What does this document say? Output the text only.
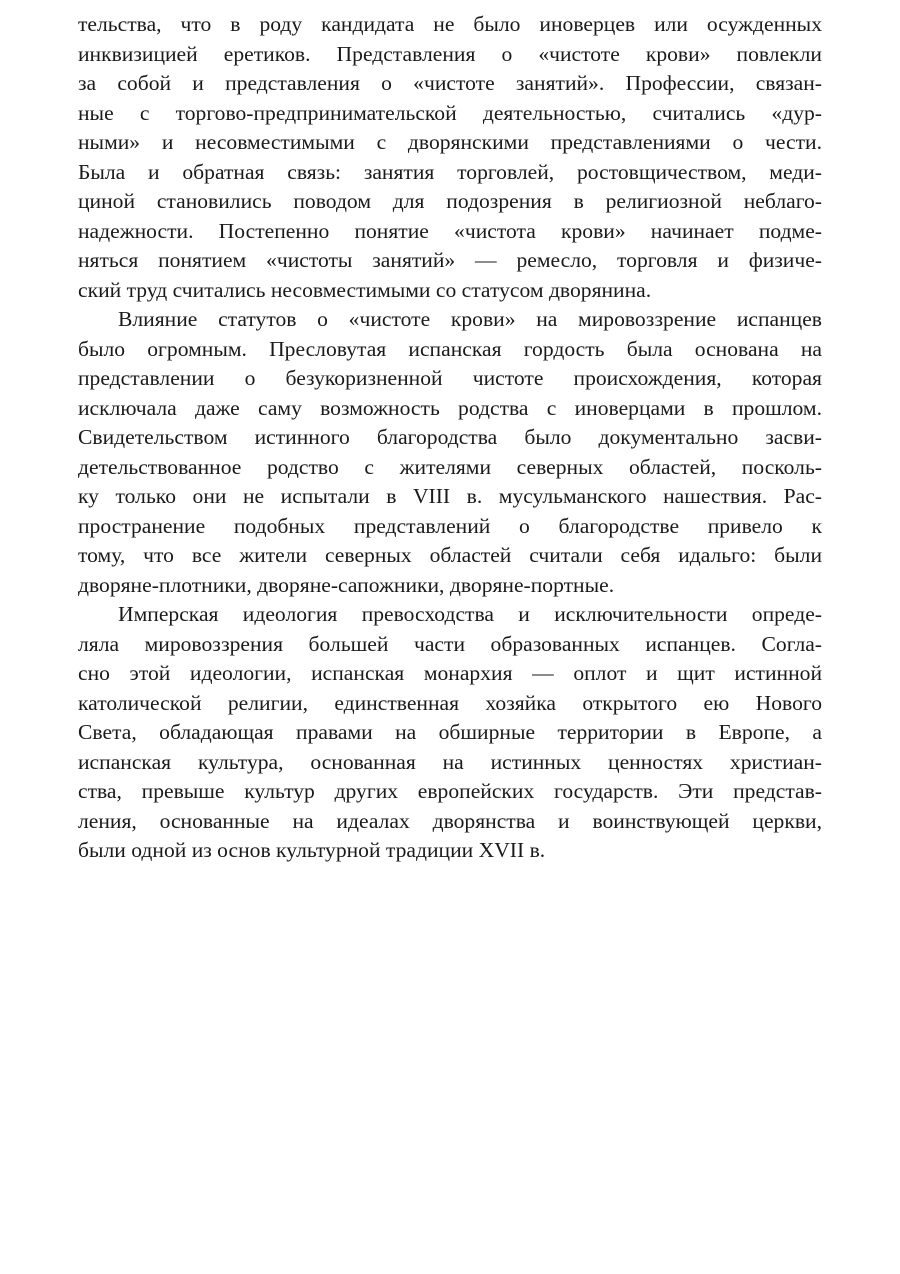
тельства, что в роду кандидата не было иноверцев или осужденных
инквизицией еретиков. Представления о «чистоте крови» повлекли
за собой и представления о «чистоте занятий». Профессии, связан-
ные с торгово-предпринимательской деятельностью, считались «дур-
ными» и несовместимыми с дворянскими представлениями о чести.
Была и обратная связь: занятия торговлей, ростовщичеством, меди-
циной становились поводом для подозрения в религиозной неблаго-
надежности. Постепенно понятие «чистота крови» начинает подме-
няться понятием «чистоты занятий» — ремесло, торговля и физиче-
ский труд считались несовместимыми со статусом дворянина.

Влияние статутов о «чистоте крови» на мировоззрение испанцев
было огромным. Пресловутая испанская гордость была основана на
представлении о безукоризненной чистоте происхождения, которая
исключала даже саму возможность родства с иноверцами в прошлом.
Свидетельством истинного благородства было документально засви-
детельствованное родство с жителями северных областей, посколь-
ку только они не испытали в VIII в. мусульманского нашествия. Рас-
пространение подобных представлений о благородстве привело к
тому, что все жители северных областей считали себя идальго: были
дворяне-плотники, дворяне-сапожники, дворяне-портные.

Имперская идеология превосходства и исключительности опреде-
ляла мировоззрения большей части образованных испанцев. Согла-
сно этой идеологии, испанская монархия — оплот и щит истинной
католической религии, единственная хозяйка открытого ею Нового
Света, обладающая правами на обширные территории в Европе, а
испанская культура, основанная на истинных ценностях христиан-
ства, превыше культур других европейских государств. Эти представ-
ления, основанные на идеалах дворянства и воинствующей церкви,
были одной из основ культурной традиции XVII в.
